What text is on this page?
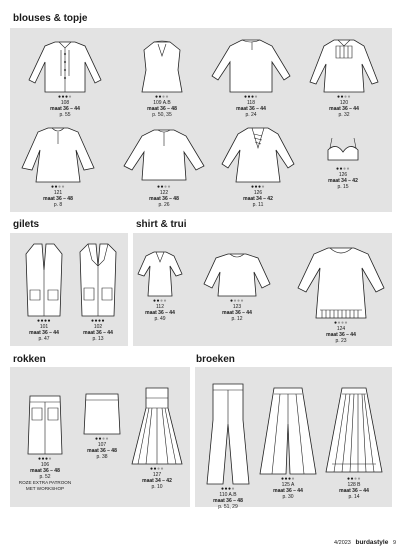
blouses & topje
gilets	shirt & trui
rokken	broeken
●●●●
108
maat 36 – 44
p. 55
●●●●
109 A.B
maat 36 – 48
p. 50, 35
●●●●
118
maat 36 – 44
p. 24
●●●●
120
maat 36 – 44
p. 32
●●●●
121
maat 36 – 48
p. 8
●●●●
122
maat 36 – 48
p. 26
●●●●
126
maat 34 – 42
p. 11
●●●●
126
maat 34 – 42
p. 15
●●●●
101
maat 36 – 44
p. 47
●●●●
102
maat 36 – 44
p. 13
●●●●
112
maat 36 – 44
p. 49
●●●●
123
maat 36 – 44
p. 12
●●●●
124
maat 36 – 44
p. 23
●●●●
106
maat 36 – 48
p. 52
ROZE EXTRA PATROON
MET WORKSHOP
●●●●
107
maat 36 – 48
p. 38
●●●●
127
maat 34 – 42
p. 10	●●●●
110 A.B
maat 36 – 48
p. 51, 29
●●●●
125 A
maat 36 – 44
p. 30
●●●●
128 B
maat 36 – 44
p. 14
4/2023 burdastyle 9
